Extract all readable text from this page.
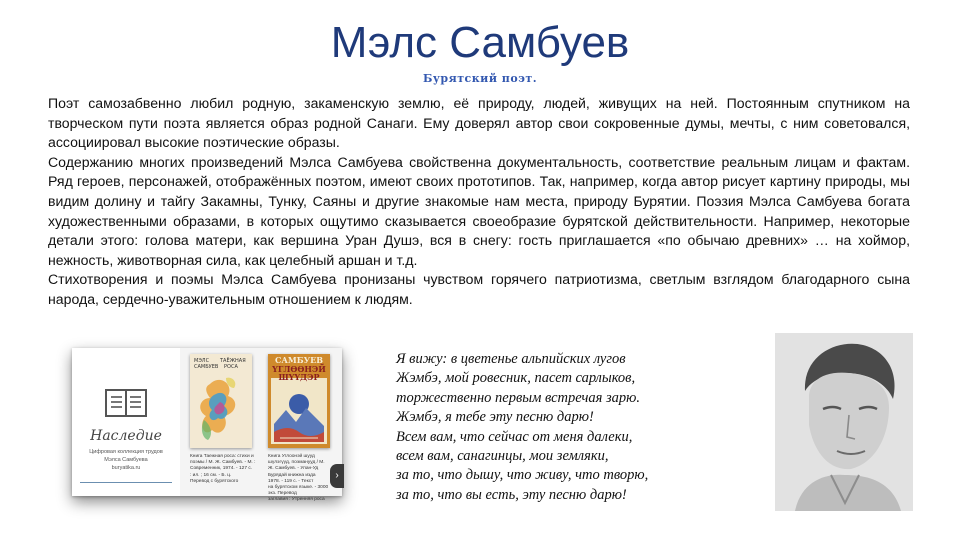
Мэлс Самбуев
Бурятский поэт.

Поэт самозабвенно любил родную, закаменскую землю, её природу, людей, живущих на ней. Постоянным спутником на творческом пути поэта является образ родной Санаги. Ему доверял автор свои сокровенные думы, мечты, с ним советовался, ассоциировал высокие поэтические образы.

Содержанию многих произведений Мэлса Самбуева свойственна документальность, соответствие реальным лицам и фактам. Ряд героев, персонажей, отображённых поэтом, имеют своих прототипов. Так, например, когда автор рисует картину природы, мы видим долину и тайгу Закамны, Тунку, Саяны и другие знакомые нам места, природу Бурятии. Поэзия Мэлса Самбуева богата художественными образами, в которых ощутимо сказывается своеобразие бурятской действительности. Например, некоторые детали этого: голова матери, как вершина Уран Душэ, вся в снегу: гость приглашается «по обычаю древних» … на хоймор, нежность, животворная сила, как целебный аршан и т.д.

Стихотворения и поэмы Мэлса Самбуева пронизаны чувством горячего патриотизма, светлым взглядом благодарного сына народа, сердечно-уважительным отношением к людям.

Наследие
Цифровая коллекция трудов
Мэлса Самбуева
buryatika.ru
МЭЛС
САМБУЕВ
ТАЁЖНАЯ
РОСА
Книга Таежная роса: стихи и
поэмы / М. Ж. Самбуев. - М. :
Современник, 1974. - 127 с.
: ил. ; 16 см. - Б. ц.
Перевод с бурятского
САМБУЕВ
ҮГЛӨӨНЭЙ
ШҮҮДЭР
Книга Углоонэй шууд
шүлэгүүд, поэманууд / М.
Ж. Самбуев. - Улан-Уд
Бурядай книжна изда
1978. - 119 с. - Текст
на бурятском языке. - 3000
экз. Перевод
заглавия : Утренняя роса
›
Я вижу: в цветенье альпийских лугов
Жэмбэ, мой ровесник, пасет сарлыков,
торжественно первым встречая зарю.
Жэмбэ, я тебе эту песню дарю!
Всем вам, что сейчас от меня далеки,
всем вам, санагинцы, мои земляки,
за то, что дышу, что живу, что творю,
за то, что вы есть, эту песню дарю!
